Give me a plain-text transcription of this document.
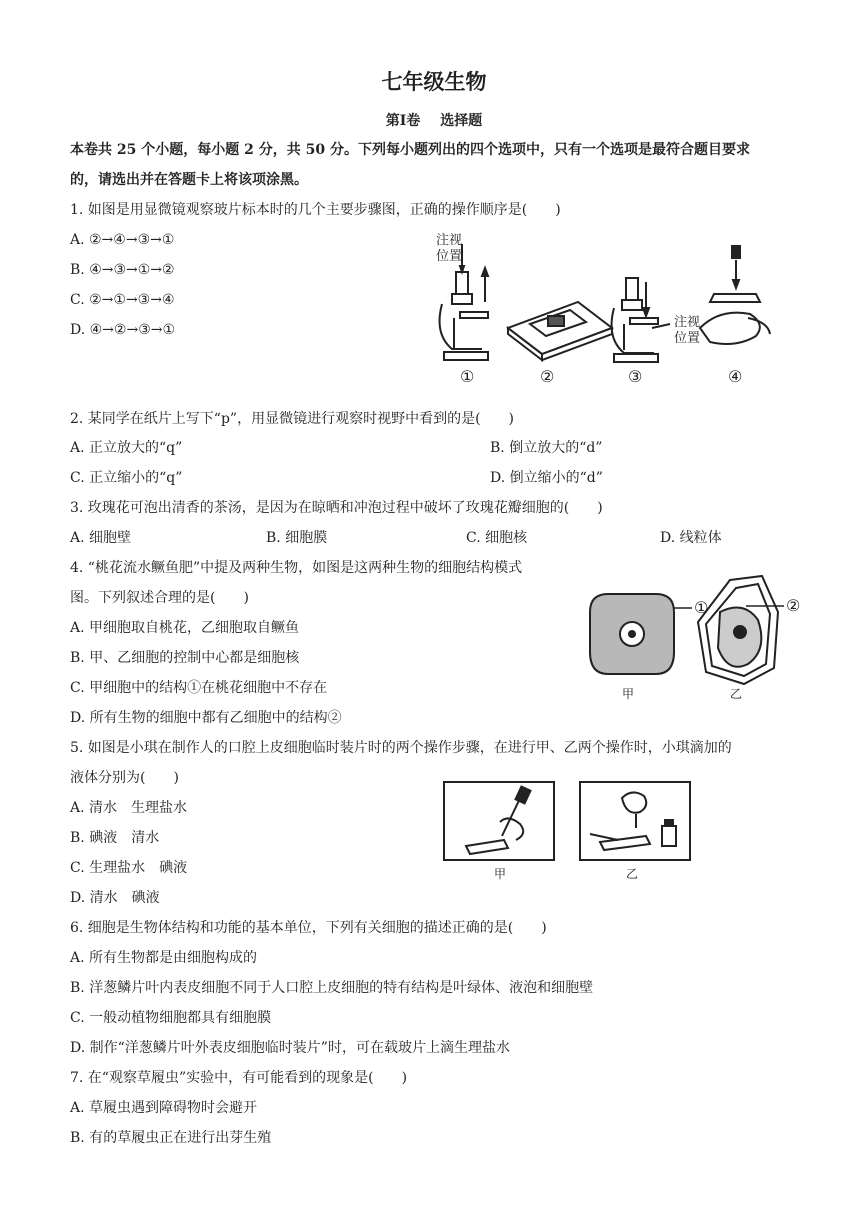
七年级生物
第Ⅰ卷 选择题
本卷共 25 个小题，每小题 2 分，共 50 分。下列每小题列出的四个选项中，只有一个选项是最符合题目要求
的，请选出并在答题卡上将该项涂黑。
1. 如图是用显微镜观察玻片标本时的几个主要步骤图，正确的操作顺序是(　　)
A. ②→④→③→①
B. ④→③→①→②
C. ②→①→③→④
D. ④→②→③→①
注视
位置
注视
位置
①	②	③	④
2. 某同学在纸片上写下“p”，用显微镜进行观察时视野中看到的是(　　)
A. 正立放大的“q”	B. 倒立放大的“d”
C. 正立缩小的“q”	D. 倒立缩小的“d”
3. 玫瑰花可泡出清香的茶汤，是因为在晾晒和冲泡过程中破坏了玫瑰花瓣细胞的(　　)
A. 细胞壁	B. 细胞膜	C. 细胞核	D. 线粒体
4. “桃花流水鳜鱼肥”中提及两种生物，如图是这两种生物的细胞结构模式
图。下列叙述合理的是(　　)
A. 甲细胞取自桃花，乙细胞取自鳜鱼
B. 甲、乙细胞的控制中心都是细胞核
C. 甲细胞中的结构①在桃花细胞中不存在
D. 所有生物的细胞中都有乙细胞中的结构②
①	②
甲	乙
5. 如图是小琪在制作人的口腔上皮细胞临时装片时的两个操作步骤，在进行甲、乙两个操作时，小琪滴加的
液体分别为(　　)
A. 清水　生理盐水
B. 碘液　清水
C. 生理盐水　碘液
D. 清水　碘液
甲	乙
6. 细胞是生物体结构和功能的基本单位，下列有关细胞的描述正确的是(　　)
A. 所有生物都是由细胞构成的
B. 洋葱鳞片叶内表皮细胞不同于人口腔上皮细胞的特有结构是叶绿体、液泡和细胞壁
C. 一般动植物细胞都具有细胞膜
D. 制作“洋葱鳞片叶外表皮细胞临时装片”时，可在载玻片上滴生理盐水
7. 在“观察草履虫”实验中，有可能看到的现象是(　　)
A. 草履虫遇到障碍物时会避开
B. 有的草履虫正在进行出芽生殖
